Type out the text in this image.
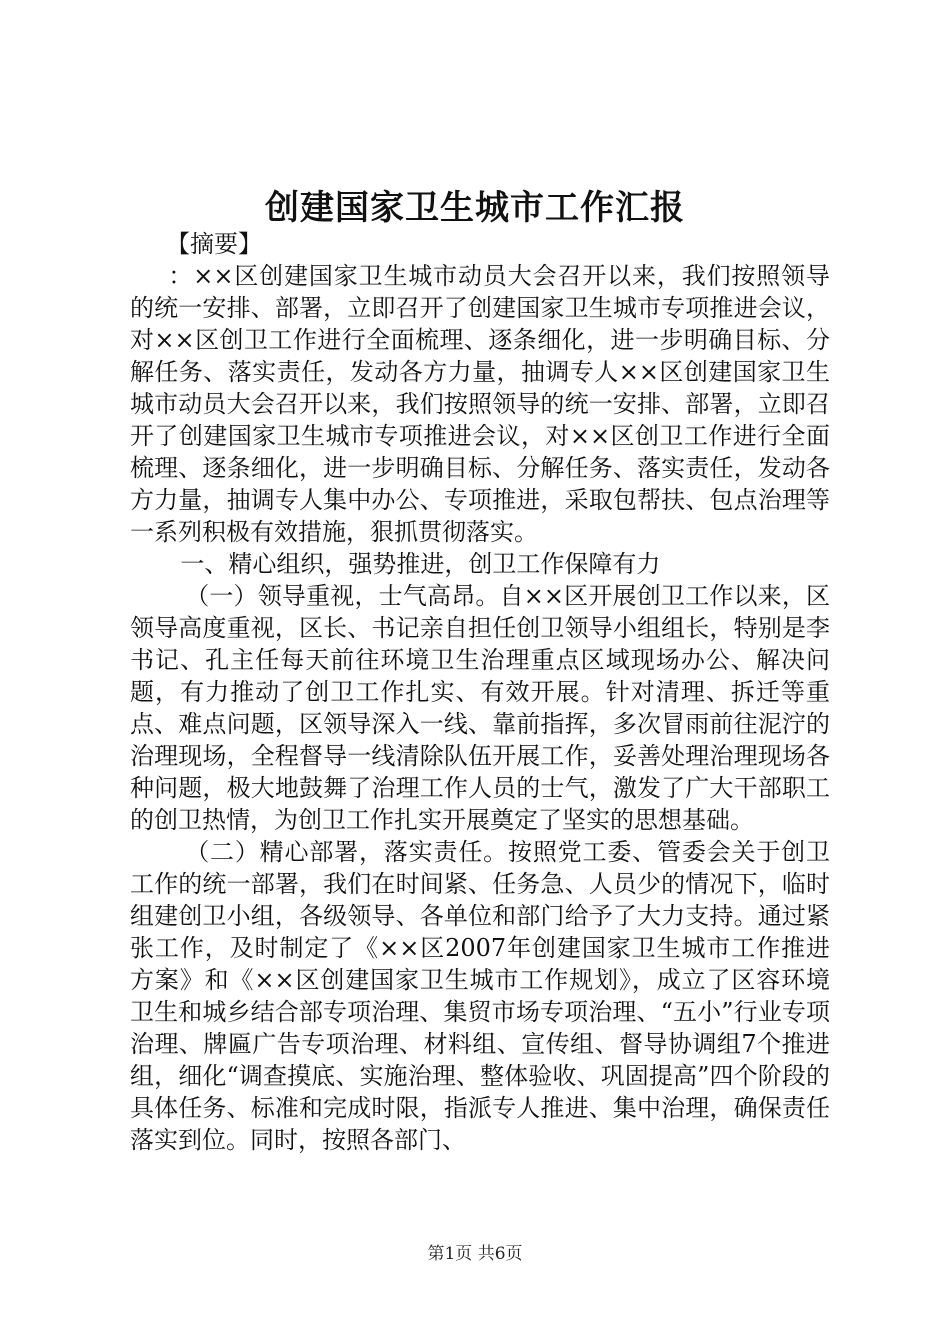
创建国家卫生城市工作汇报

【摘要】

：××区创建国家卫生城市动员大会召开以来，我们按照领导的统一安排、部署，立即召开了创建国家卫生城市专项推进会议，对××区创卫工作进行全面梳理、逐条细化，进一步明确目标、分解任务、落实责任，发动各方力量，抽调专人××区创建国家卫生城市动员大会召开以来，我们按照领导的统一安排、部署，立即召开了创建国家卫生城市专项推进会议，对××区创卫工作进行全面梳理、逐条细化，进一步明确目标、分解任务、落实责任，发动各方力量，抽调专人集中办公、专项推进，采取包帮扶、包点治理等一系列积极有效措施，狠抓贯彻落实。

一、精心组织，强势推进，创卫工作保障有力

（一）领导重视，士气高昂。自××区开展创卫工作以来，区领导高度重视，区长、书记亲自担任创卫领导小组组长，特别是李书记、孔主任每天前往环境卫生治理重点区域现场办公、解决问题，有力推动了创卫工作扎实、有效开展。针对清理、拆迁等重点、难点问题，区领导深入一线、靠前指挥，多次冒雨前往泥泞的治理现场，全程督导一线清除队伍开展工作，妥善处理治理现场各种问题，极大地鼓舞了治理工作人员的士气，激发了广大干部职工的创卫热情，为创卫工作扎实开展奠定了坚实的思想基础。

（二）精心部署，落实责任。按照党工委、管委会关于创卫工作的统一部署，我们在时间紧、任务急、人员少的情况下，临时组建创卫小组，各级领导、各单位和部门给予了大力支持。通过紧张工作，及时制定了《××区2007年创建国家卫生城市工作推进方案》和《××区创建国家卫生城市工作规划》，成立了区容环境卫生和城乡结合部专项治理、集贸市场专项治理、“五小”行业专项治理、牌匾广告专项治理、材料组、宣传组、督导协调组7个推进组，细化“调查摸底、实施治理、整体验收、巩固提高”四个阶段的具体任务、标准和完成时限，指派专人推进、集中治理，确保责任落实到位。同时，按照各部门、

第1页 共6页
